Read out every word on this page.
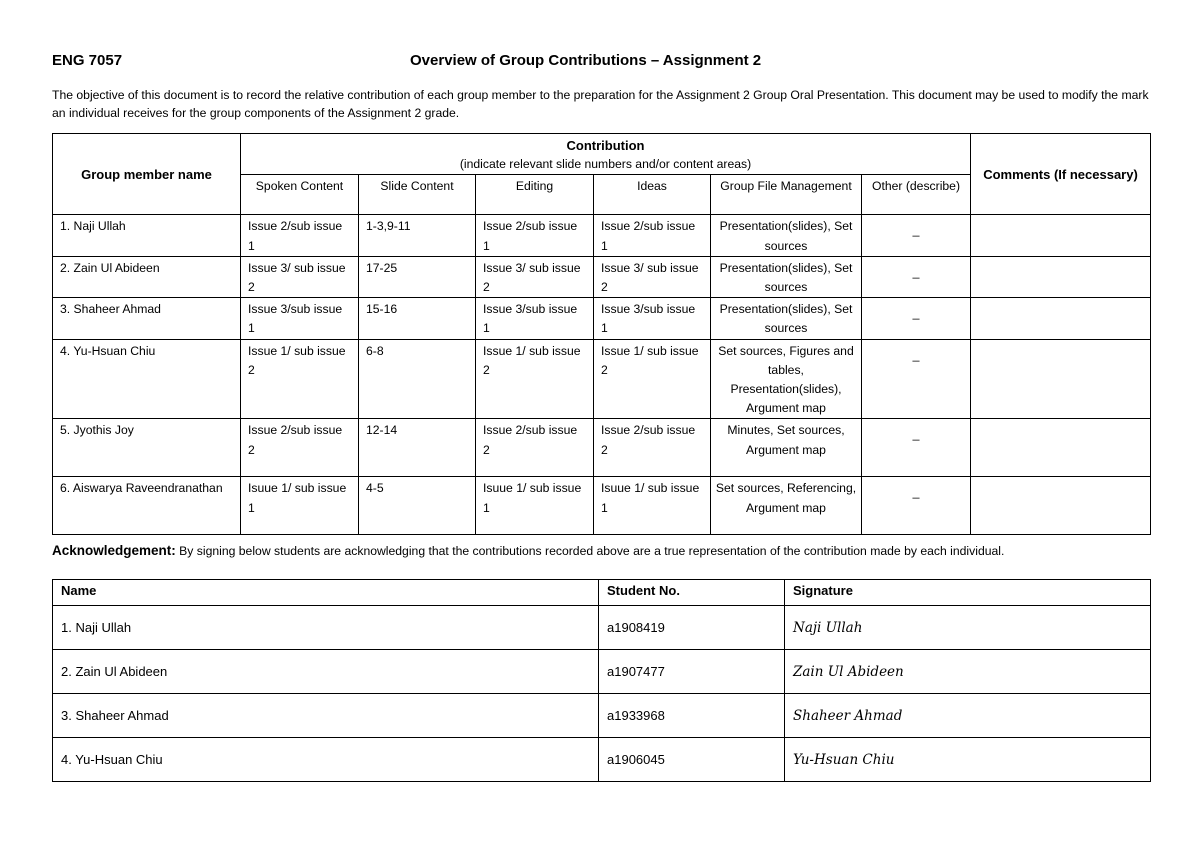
ENG 7057	Overview of Group Contributions – Assignment 2
The objective of this document is to record the relative contribution of each group member to the preparation for the Assignment 2 Group Oral Presentation. This document may be used to modify the mark an individual receives for the group components of the Assignment 2 grade.
Group member name	Contribution
(indicate relevant slide numbers and/or content areas)						Comments (If necessary)
	Spoken Content	Slide Content	Editing	Ideas	Group File Management	Other (describe)	
1. Naji Ullah	Issue 2/sub issue 1	1-3,9-11	Issue 2/sub issue 1	Issue 2/sub issue 1	Presentation(slides), Set sources	_	
2. Zain Ul Abideen	Issue 3/ sub issue 2	17-25	Issue 3/ sub issue 2	Issue 3/ sub issue 2	Presentation(slides), Set sources	_	
3. Shaheer Ahmad	Issue 3/sub issue 1	15-16	Issue 3/sub issue 1	Issue 3/sub issue 1	Presentation(slides), Set sources	_	
4. Yu-Hsuan Chiu	Issue 1/ sub issue 2	6-8	Issue 1/ sub issue 2	Issue 1/ sub issue 2	Set sources, Figures and tables, Presentation(slides), Argument map	_	
5. Jyothis Joy	Issue 2/sub issue 2	12-14	Issue 2/sub issue 2	Issue 2/sub issue 2	Minutes, Set sources, Argument map	_	
6. Aiswarya Raveendranathan	Isuue 1/ sub issue 1	4-5	Isuue 1/ sub issue 1	Isuue 1/ sub issue 1	Set sources, Referencing, Argument map	_	
Acknowledgement: By signing below students are acknowledging that the contributions recorded above are a true representation of the contribution made by each individual.
Name	Student No.	Signature
1. Naji Ullah	a1908419	Naji Ullah
2. Zain Ul Abideen	a1907477	Zain Ul Abideen
3. Shaheer Ahmad	a1933968	Shaheer Ahmad
4. Yu-Hsuan Chiu	a1906045	Yu-Hsuan Chiu
